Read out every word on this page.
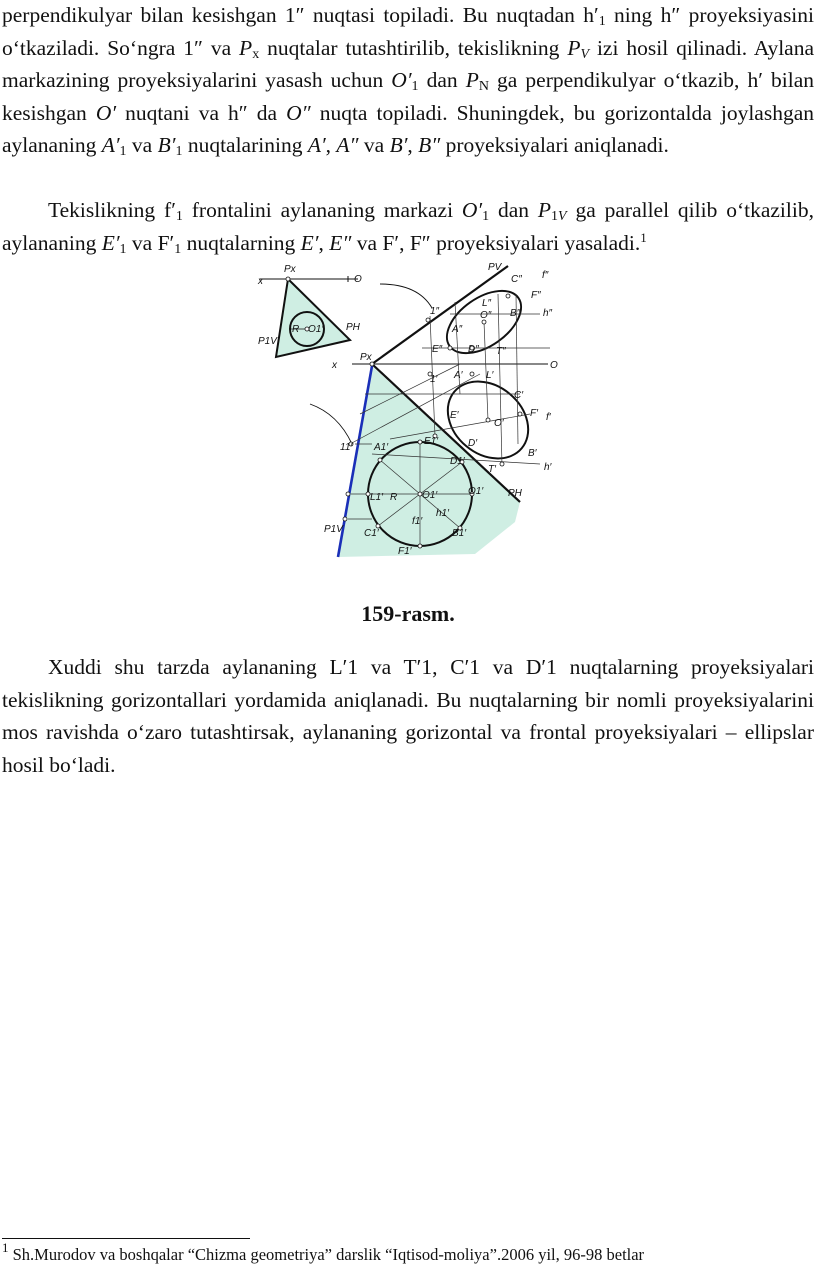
perpendikulyar bilan kesishgan 1″ nuqtasi topiladi. Bu nuqtadan $h'_1$ ning h″ proyeksiyasini o‘tkaziladi. So‘ngra 1″ va $P_x$ nuqtalar tutashtirilib, tekislikning $P_V$ izi hosil qilinadi. Aylana markazining proyeksiyalarini yasash uchun $O'_1$ dan $P_N$ ga perpendikulyar o‘tkazib, h′ bilan kesishgan O′ nuqtani va h″ da O″ nuqta topiladi. Shuningdek, bu gorizontalda joylashgan aylananing $A'_1$ va $B'_1$ nuqtalarining A′, A″ va B′, B″ proyeksiyalari aniqlanadi.

Tekislikning $f'_1$ frontalini aylananing markazi $O'_1$ dan $P_{1V}$ ga parallel qilib o‘tkazilib, aylananing $E'_1$ va $F'_1$ nuqtalarning E′, E″ va F′, F″ proyeksiyalari yasaladi.$^1$

x
Px
O
R O1′ PH
P1V
PV
C″ f″
F″
L″
1″
A″
O″ B″ h″
E″	D″ T″
x
Px
O
1′ A′ L′
C′
E′	F′ f′
O′
D′
B′
T′	h′
11′ A1′
E1′
D1′
L1′ R O1′	O1′ PH
h1′
f1′
P1V C1′	B1′
F1′
159-rasm.

Xuddi shu tarzda aylananing L′1 va T′1, C′1 va D′1 nuqtalarning proyeksiyalari tekislikning gorizontallari yordamida aniqlanadi. Bu nuqtalarning bir nomli proyeksiyalarini mos ravishda o‘zaro tutashtirsak, aylananing gorizontal va frontal proyeksiyalari – ellipslar hosil bo‘ladi.

$^1$ Sh.Murodov va boshqalar “Chizma geometriya” darslik “Iqtisod-moliya”.2006 yil, 96-98 betlar
